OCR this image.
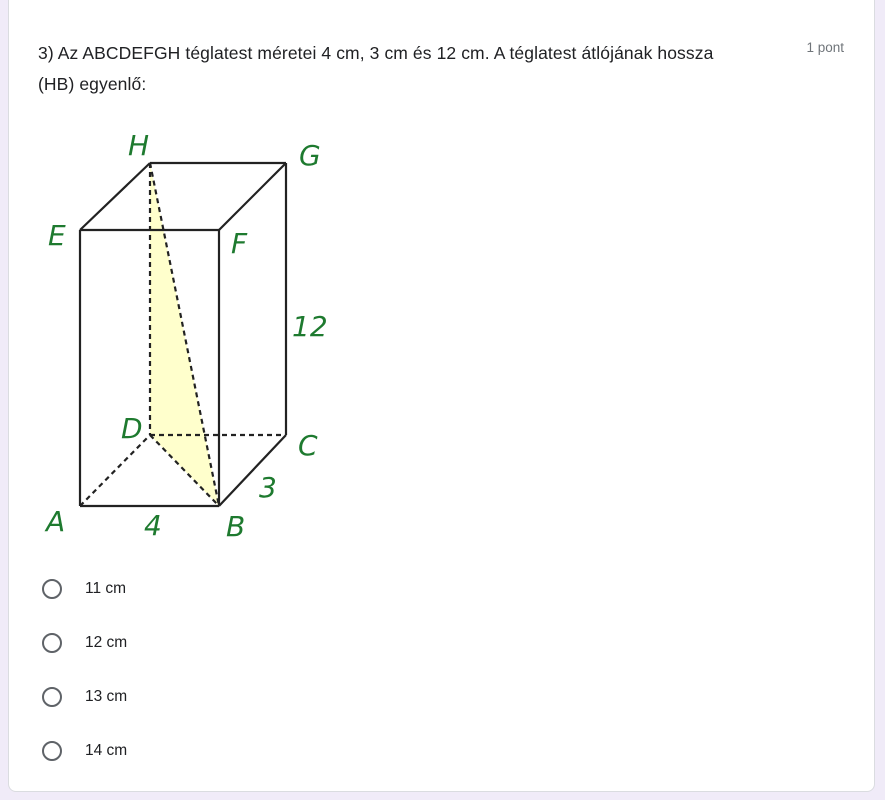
3) Az ABCDEFGH téglatest méretei 4 cm, 3 cm és 12 cm. A téglatest átlójának hossza (HB) egyenlő:
1 pont
H	G
E	F
D
C
A	B
12
3
4
11 cm
12 cm
13 cm
14 cm
